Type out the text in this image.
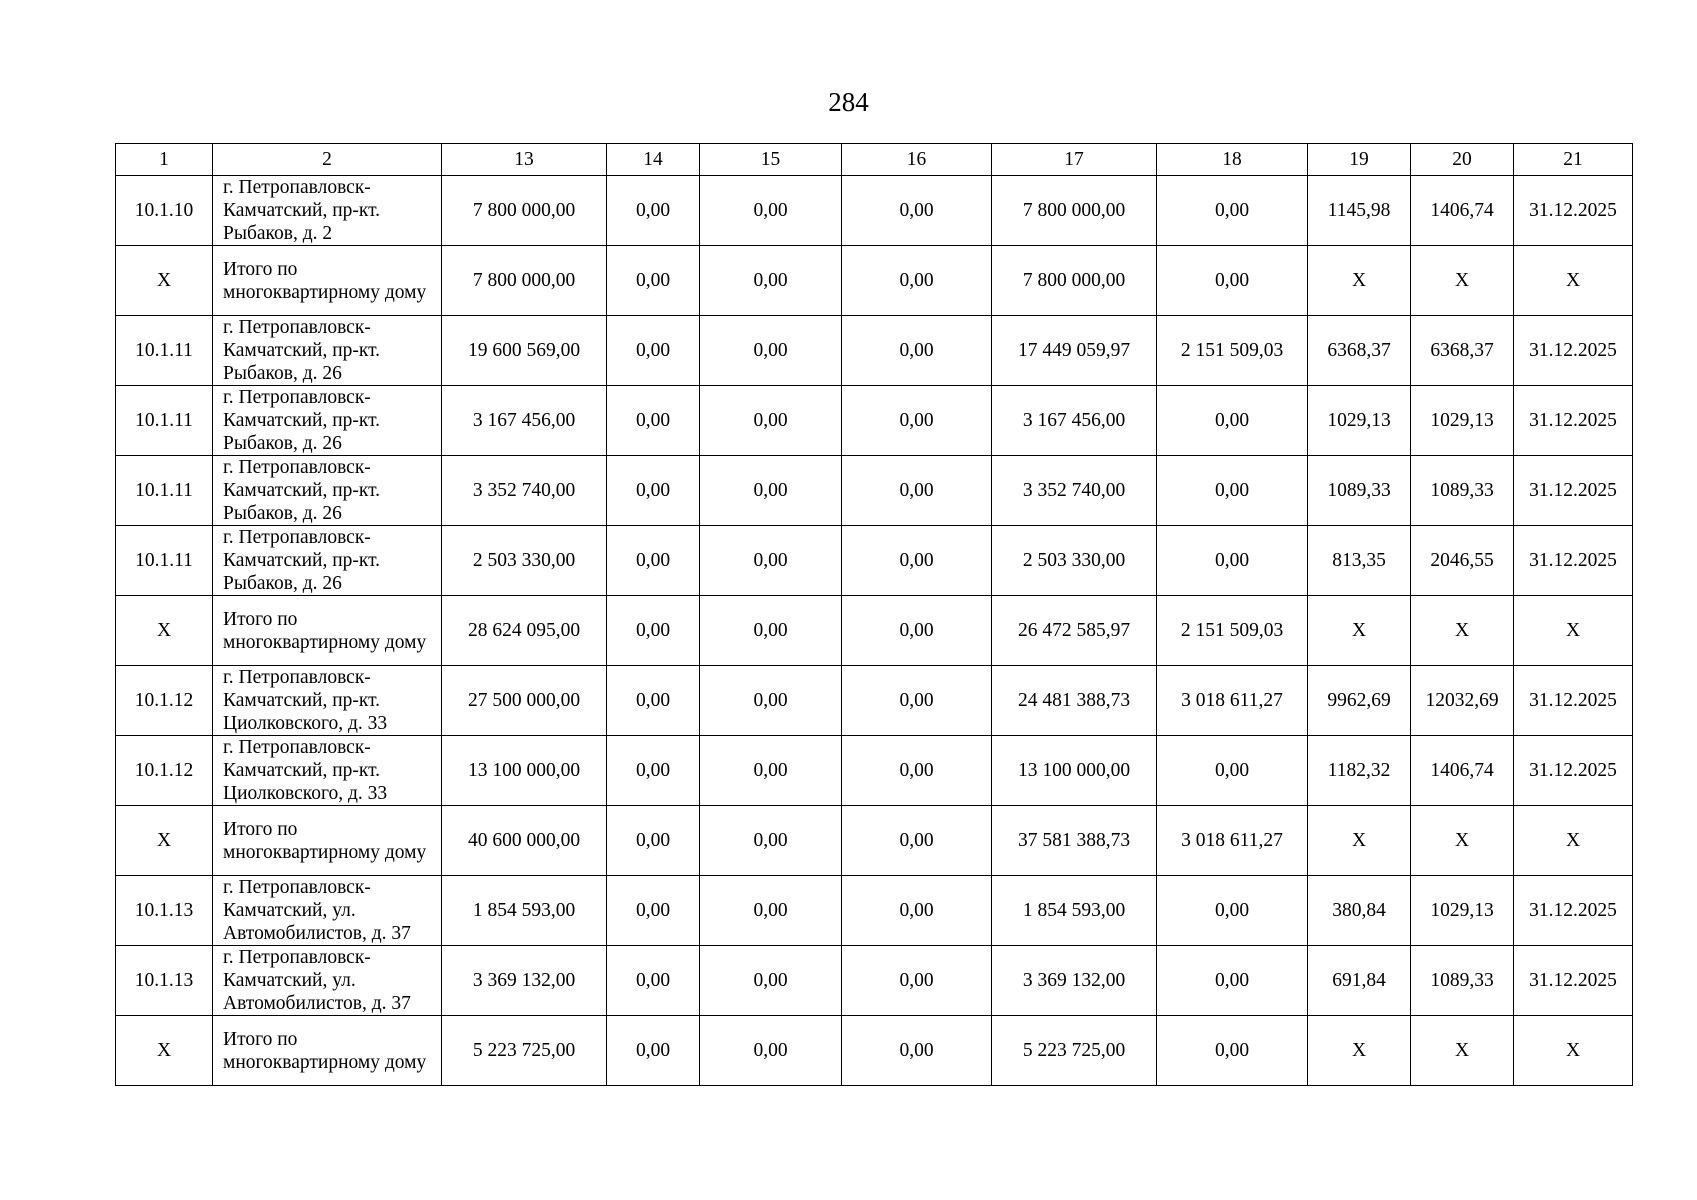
284
1	2	13	14	15	16	17	18	19	20	21
10.1.10	г. Петропавловск-Камчатский, пр-кт. Рыбаков, д. 2	7 800 000,00	0,00	0,00	0,00	7 800 000,00	0,00	1145,98	1406,74	31.12.2025
X	Итого по многоквартирному дому	7 800 000,00	0,00	0,00	0,00	7 800 000,00	0,00	X	X	X
10.1.11	г. Петропавловск-Камчатский, пр-кт. Рыбаков, д. 26	19 600 569,00	0,00	0,00	0,00	17 449 059,97	2 151 509,03	6368,37	6368,37	31.12.2025
10.1.11	г. Петропавловск-Камчатский, пр-кт. Рыбаков, д. 26	3 167 456,00	0,00	0,00	0,00	3 167 456,00	0,00	1029,13	1029,13	31.12.2025
10.1.11	г. Петропавловск-Камчатский, пр-кт. Рыбаков, д. 26	3 352 740,00	0,00	0,00	0,00	3 352 740,00	0,00	1089,33	1089,33	31.12.2025
10.1.11	г. Петропавловск-Камчатский, пр-кт. Рыбаков, д. 26	2 503 330,00	0,00	0,00	0,00	2 503 330,00	0,00	813,35	2046,55	31.12.2025
X	Итого по многоквартирному дому	28 624 095,00	0,00	0,00	0,00	26 472 585,97	2 151 509,03	X	X	X
10.1.12	г. Петропавловск-Камчатский, пр-кт. Циолковского, д. 33	27 500 000,00	0,00	0,00	0,00	24 481 388,73	3 018 611,27	9962,69	12032,69	31.12.2025
10.1.12	г. Петропавловск-Камчатский, пр-кт. Циолковского, д. 33	13 100 000,00	0,00	0,00	0,00	13 100 000,00	0,00	1182,32	1406,74	31.12.2025
X	Итого по многоквартирному дому	40 600 000,00	0,00	0,00	0,00	37 581 388,73	3 018 611,27	X	X	X
10.1.13	г. Петропавловск-Камчатский, ул. Автомобилистов, д. 37	1 854 593,00	0,00	0,00	0,00	1 854 593,00	0,00	380,84	1029,13	31.12.2025
10.1.13	г. Петропавловск-Камчатский, ул. Автомобилистов, д. 37	3 369 132,00	0,00	0,00	0,00	3 369 132,00	0,00	691,84	1089,33	31.12.2025
X	Итого по многоквартирному дому	5 223 725,00	0,00	0,00	0,00	5 223 725,00	0,00	X	X	X
